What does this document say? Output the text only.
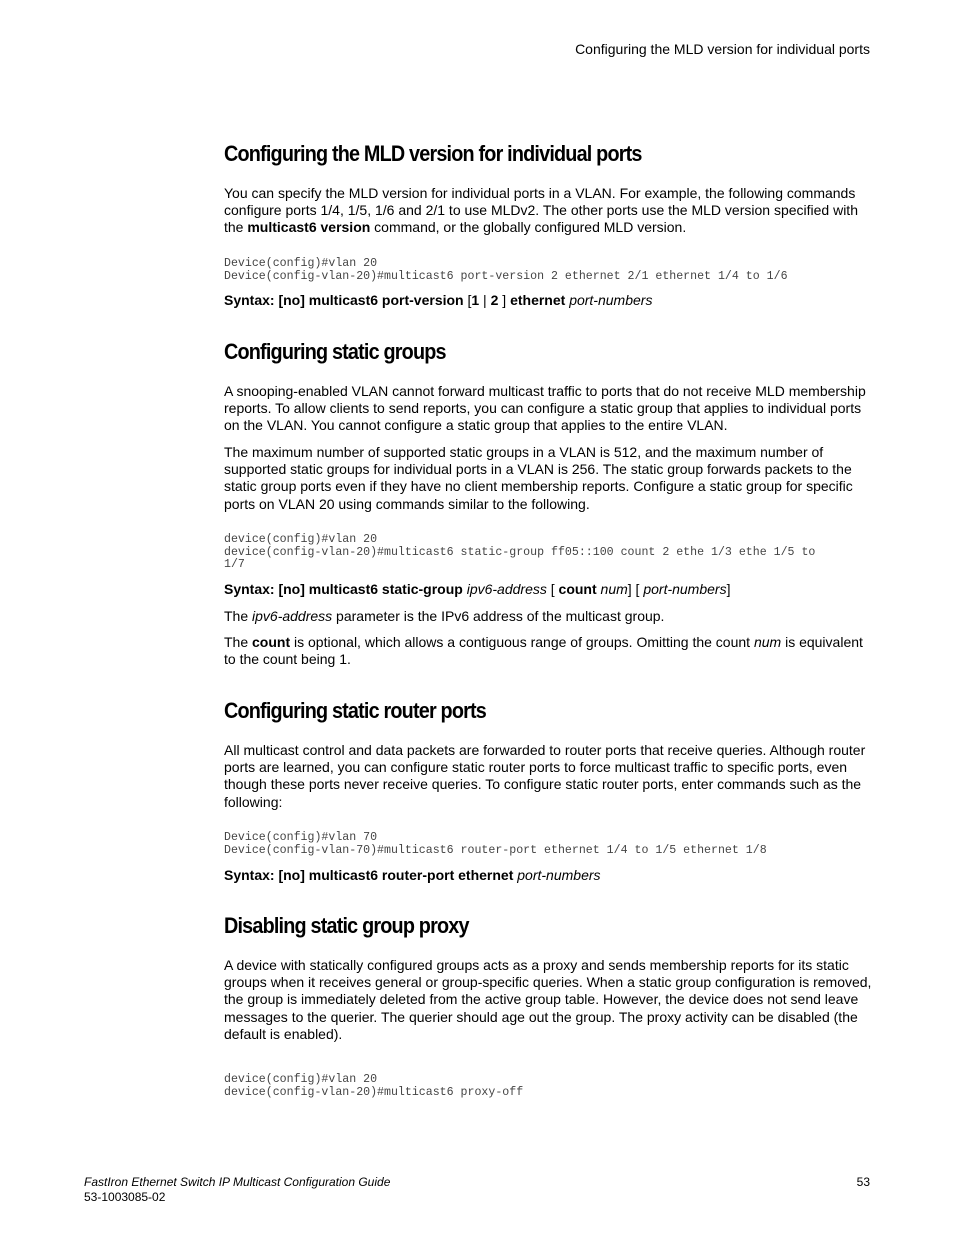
Configuring the MLD version for individual ports
Configuring the MLD version for individual ports

You can specify the MLD version for individual ports in a VLAN. For example, the following commands configure ports 1/4, 1/5, 1/6 and 2/1 to use MLDv2. The other ports use the MLD version specified with the multicast6 version command, or the globally configured MLD version.

Device(config)#vlan 20
Device(config-vlan-20)#multicast6 port-version 2 ethernet 2/1 ethernet 1/4 to 1/6

Syntax: [no] multicast6 port-version [1 | 2 ] ethernet port-numbers

Configuring static groups

A snooping-enabled VLAN cannot forward multicast traffic to ports that do not receive MLD membership reports. To allow clients to send reports, you can configure a static group that applies to individual ports on the VLAN. You cannot configure a static group that applies to the entire VLAN.

The maximum number of supported static groups in a VLAN is 512, and the maximum number of supported static groups for individual ports in a VLAN is 256. The static group forwards packets to the static group ports even if they have no client membership reports. Configure a static group for specific ports on VLAN 20 using commands similar to the following.

device(config)#vlan 20
device(config-vlan-20)#multicast6 static-group ff05::100 count 2 ethe 1/3 ethe 1/5 to
1/7

Syntax: [no] multicast6 static-group ipv6-address [ count num] [ port-numbers]

The ipv6-address parameter is the IPv6 address of the multicast group.

The count is optional, which allows a contiguous range of groups. Omitting the count num is equivalent to the count being 1.

Configuring static router ports

All multicast control and data packets are forwarded to router ports that receive queries. Although router ports are learned, you can configure static router ports to force multicast traffic to specific ports, even though these ports never receive queries. To configure static router ports, enter commands such as the following:

Device(config)#vlan 70
Device(config-vlan-70)#multicast6 router-port ethernet 1/4 to 1/5 ethernet 1/8

Syntax: [no] multicast6 router-port ethernet port-numbers

Disabling static group proxy

A device with statically configured groups acts as a proxy and sends membership reports for its static groups when it receives general or group-specific queries. When a static group configuration is removed, the group is immediately deleted from the active group table. However, the device does not send leave messages to the querier. The querier should age out the group. The proxy activity can be disabled (the default is enabled).

device(config)#vlan 20
device(config-vlan-20)#multicast6 proxy-off
FastIron Ethernet Switch IP Multicast Configuration Guide
53-1003085-02
53
